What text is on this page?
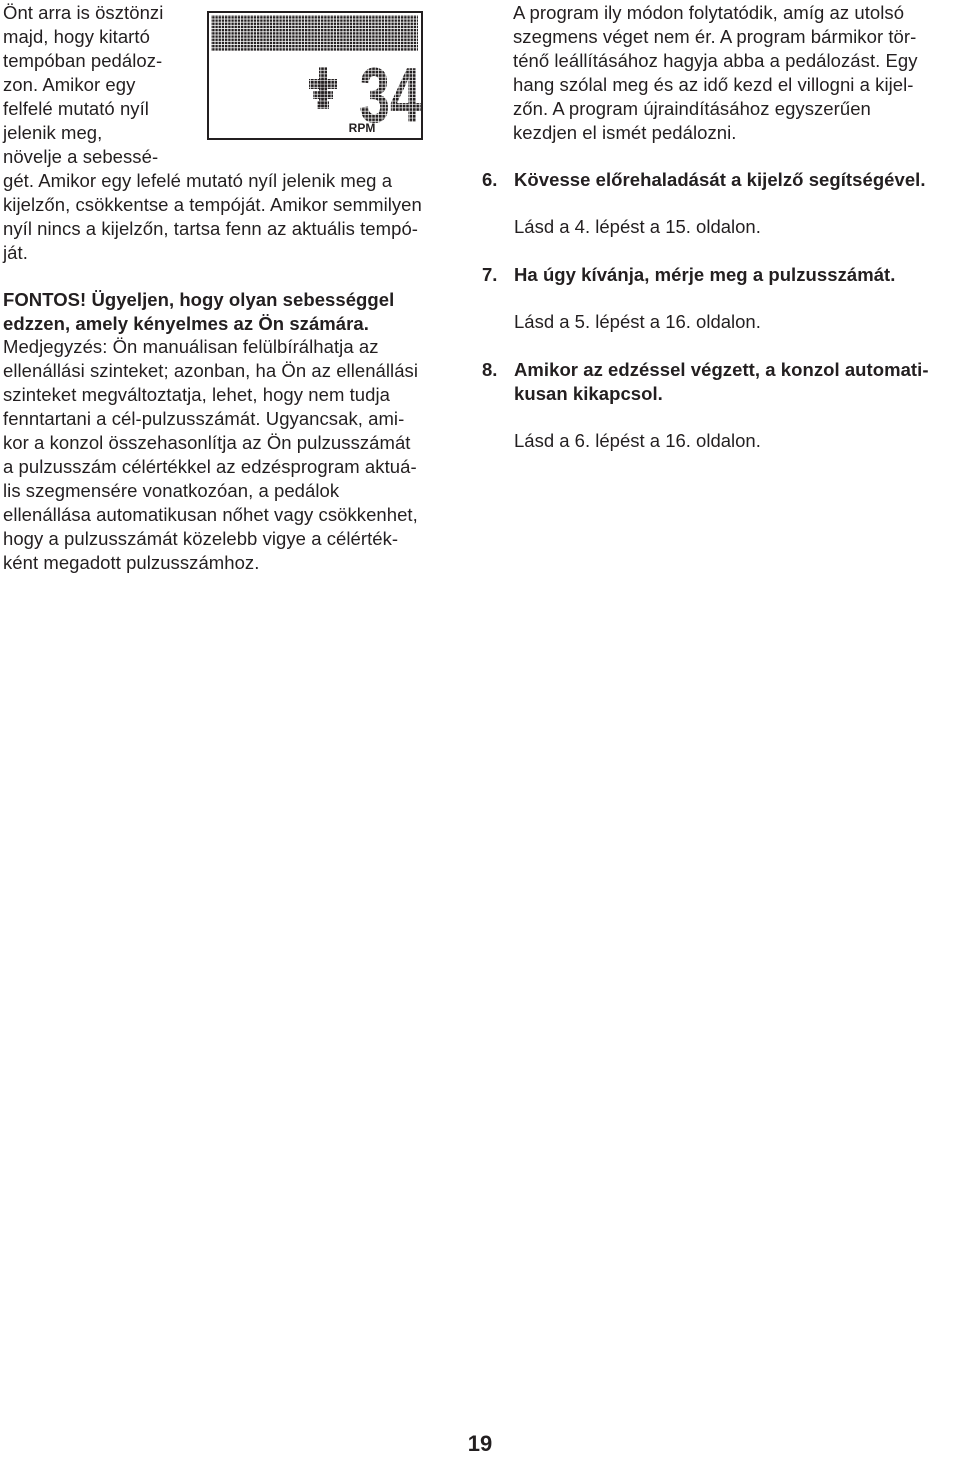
Önt arra is ösztönzi
majd, hogy kitartó
tempóban pedáloz-
zon. Amikor egy
felfelé mutató nyíl
jelenik meg,
növelje a sebessé-
gét. Amikor egy lefelé mutató nyíl jelenik meg a
kijelzőn, csökkentse a tempóját. Amikor semmilyen
nyíl nincs a kijelzőn, tartsa fenn az aktuális tempó-
ját.
FONTOS! Ügyeljen, hogy olyan sebességgel
edzzen, amely kényelmes az Ön számára.
Medjegyzés: Ön manuálisan felülbírálhatja az
ellenállási szinteket; azonban, ha Ön az ellenállási
szinteket megváltoztatja, lehet, hogy nem tudja
fenntartani a cél-pulzusszámát. Ugyancsak, ami-
kor a konzol összehasonlítja az Ön pulzusszámát
a pulzusszám célértékkel az edzésprogram aktuá-
lis szegmensére vonatkozóan, a pedálok
ellenállása automatikusan nőhet vagy csökkenhet,
hogy a pulzusszámát közelebb vigye a célérték-
ként megadott pulzusszámhoz.
34
RPM
A program ily módon folytatódik, amíg az utolsó
szegmens véget nem ér. A program bármikor tör-
ténő leállításához hagyja abba a pedálozást. Egy
hang szólal meg és az idő kezd el villogni a kijel-
zőn. A program újraindításához egyszerűen
kezdjen el ismét pedálozni.
6. Kövesse előrehaladását a kijelző segítségével.
Lásd a 4. lépést a 15. oldalon.
7. Ha úgy kívánja, mérje meg a pulzusszámát.
Lásd a 5. lépést a 16. oldalon.
8. Amikor az edzéssel végzett, a konzol automati-
kusan kikapcsol.
Lásd a 6. lépést a 16. oldalon.
19
